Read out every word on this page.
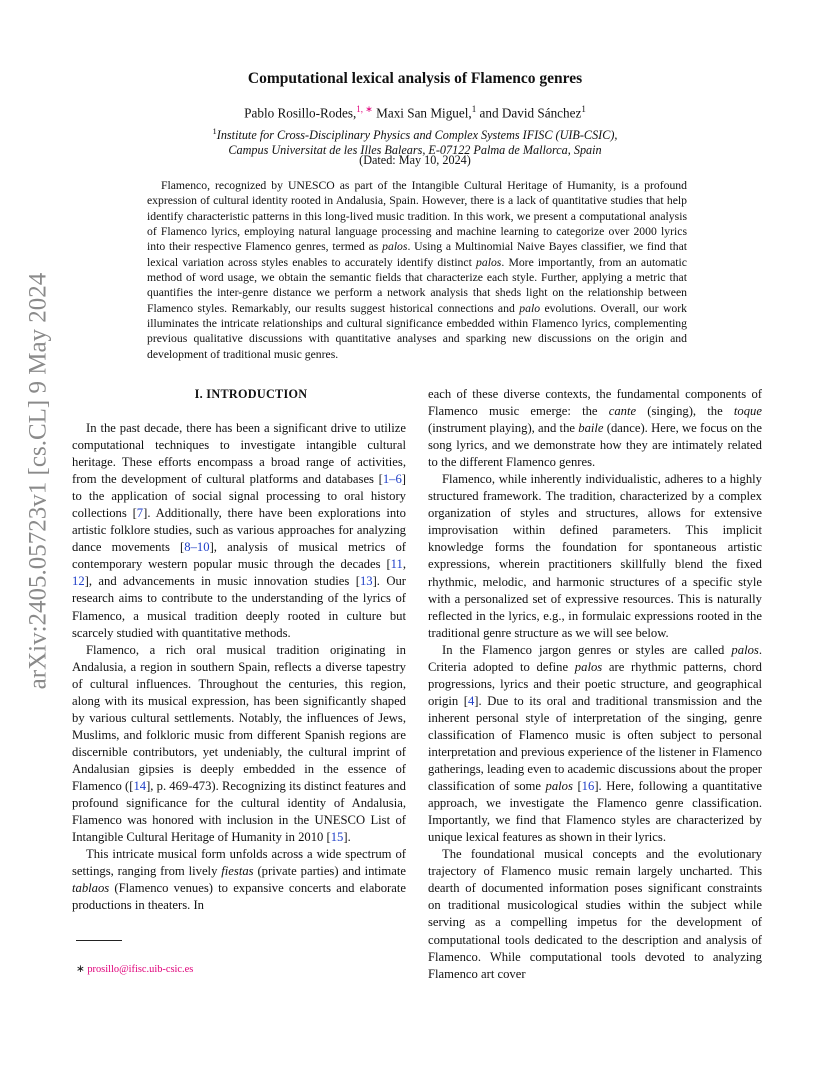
arXiv:2405.05723v1 [cs.CL] 9 May 2024
Computational lexical analysis of Flamenco genres
Pablo Rosillo-Rodes,$^{1, ∗}$ Maxi San Miguel,$^1$ and David Sánchez$^1$
$^1$Institute for Cross-Disciplinary Physics and Complex Systems IFISC (UIB-CSIC),
Campus Universitat de les Illes Balears, E-07122 Palma de Mallorca, Spain
(Dated: May 10, 2024)

Flamenco, recognized by UNESCO as part of the Intangible Cultural Heritage of Humanity, is a profound expression of cultural identity rooted in Andalusia, Spain. However, there is a lack of quantitative studies that help identify characteristic patterns in this long-lived music tradition. In this work, we present a computational analysis of Flamenco lyrics, employing natural language processing and machine learning to categorize over 2000 lyrics into their respective Flamenco genres, termed as palos. Using a Multinomial Naive Bayes classifier, we find that lexical variation across styles enables to accurately identify distinct palos. More importantly, from an automatic method of word usage, we obtain the semantic fields that characterize each style. Further, applying a metric that quantifies the inter-genre distance we perform a network analysis that sheds light on the relationship between Flamenco styles. Remarkably, our results suggest historical connections and palo evolutions. Overall, our work illuminates the intricate relationships and cultural significance embedded within Flamenco lyrics, complementing previous qualitative discussions with quantitative analyses and sparking new discussions on the origin and development of traditional music genres.

I. INTRODUCTION

In the past decade, there has been a significant drive to utilize computational techniques to investigate intangible cultural heritage. These efforts encompass a broad range of activities, from the development of cultural platforms and databases [1–6] to the application of social signal processing to oral history collections [7]. Additionally, there have been explorations into artistic folklore studies, such as various approaches for analyzing dance movements [8–10], analysis of musical metrics of contemporary western popular music through the decades [11, 12], and advancements in music innovation studies [13]. Our research aims to contribute to the understanding of the lyrics of Flamenco, a musical tradition deeply rooted in culture but scarcely studied with quantitative methods.

Flamenco, a rich oral musical tradition originating in Andalusia, a region in southern Spain, reflects a diverse tapestry of cultural influences. Throughout the centuries, this region, along with its musical expression, has been significantly shaped by various cultural settlements. Notably, the influences of Jews, Muslims, and folkloric music from different Spanish regions are discernible contributors, yet undeniably, the cultural imprint of Andalusian gipsies is deeply embedded in the essence of Flamenco ([14], p. 469-473). Recognizing its distinct features and profound significance for the cultural identity of Andalusia, Flamenco was honored with inclusion in the UNESCO List of Intangible Cultural Heritage of Humanity in 2010 [15].

This intricate musical form unfolds across a wide spectrum of settings, ranging from lively fiestas (private parties) and intimate tablaos (Flamenco venues) to expansive concerts and elaborate productions in theaters. In

each of these diverse contexts, the fundamental components of Flamenco music emerge: the cante (singing), the toque (instrument playing), and the baile (dance). Here, we focus on the song lyrics, and we demonstrate how they are intimately related to the different Flamenco genres.

Flamenco, while inherently individualistic, adheres to a highly structured framework. The tradition, characterized by a complex organization of styles and structures, allows for extensive improvisation within defined parameters. This implicit knowledge forms the foundation for spontaneous artistic expressions, wherein practitioners skillfully blend the fixed rhythmic, melodic, and harmonic structures of a specific style with a personalized set of expressive resources. This is naturally reflected in the lyrics, e.g., in formulaic expressions rooted in the traditional genre structure as we will see below.

In the Flamenco jargon genres or styles are called palos. Criteria adopted to define palos are rhythmic patterns, chord progressions, lyrics and their poetic structure, and geographical origin [4]. Due to its oral and traditional transmission and the inherent personal style of interpretation of the singing, genre classification of Flamenco music is often subject to personal interpretation and previous experience of the listener in Flamenco gatherings, leading even to academic discussions about the proper classification of some palos [16]. Here, following a quantitative approach, we investigate the Flamenco genre classification. Importantly, we find that Flamenco styles are characterized by unique lexical features as shown in their lyrics.

The foundational musical concepts and the evolutionary trajectory of Flamenco music remain largely uncharted. This dearth of documented information poses significant constraints on traditional musicological studies within the subject while serving as a compelling impetus for the development of computational tools dedicated to the description and analysis of Flamenco. While computational tools devoted to analyzing Flamenco art cover

∗ prosillo@ifisc.uib-csic.es
